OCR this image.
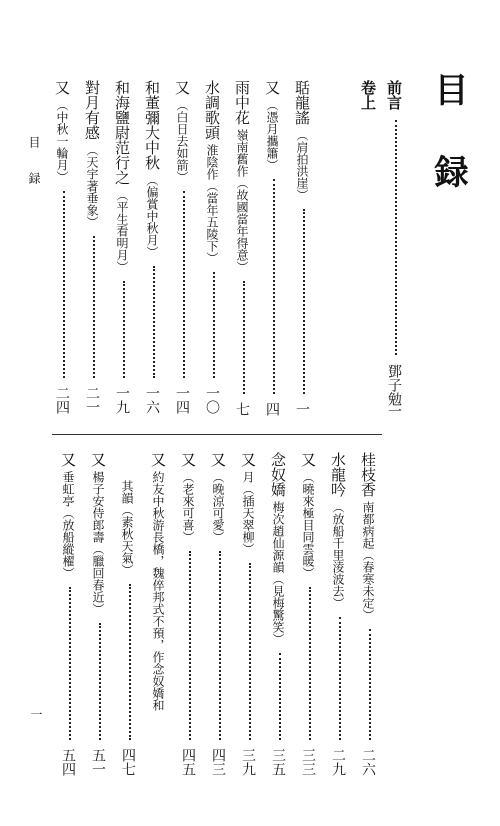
目 録
目 録
一
前言
鄧子勉
一
卷上
聒龍謠（肩拍洪崖）
一
又（憑月攜簫）
四
雨中花嶺南舊作（故國當年得意）
七
水調歌頭淮陰作（當年五陵下）
一〇
又（白日去如箭）
一四
和董彌大中秋（偏賞中秋月）
一六
和海鹽尉范行之（平生看明月）
一九
對月有感（天宇著垂象）
二一
又（中秋一輪月）
二四
桂枝香南都病起（春寒未定）
二六
水龍吟（放船千里淩波去）
二九
又（曉來極目同雲暖）
三三
念奴嬌梅次趙仙源韻（見梅驚笑）
三五
又月（插天翠柳）
三九
又（晚涼可愛）
四三
又（老來可喜）
四五
又約友中秋游長橋，魏倅邦式不預，作念奴嬌和
其韻（素秋天氣）
四七
又楊子安侍郎壽（臘回春近）
五一
又垂虹亭（放船縱櫂）
五四
